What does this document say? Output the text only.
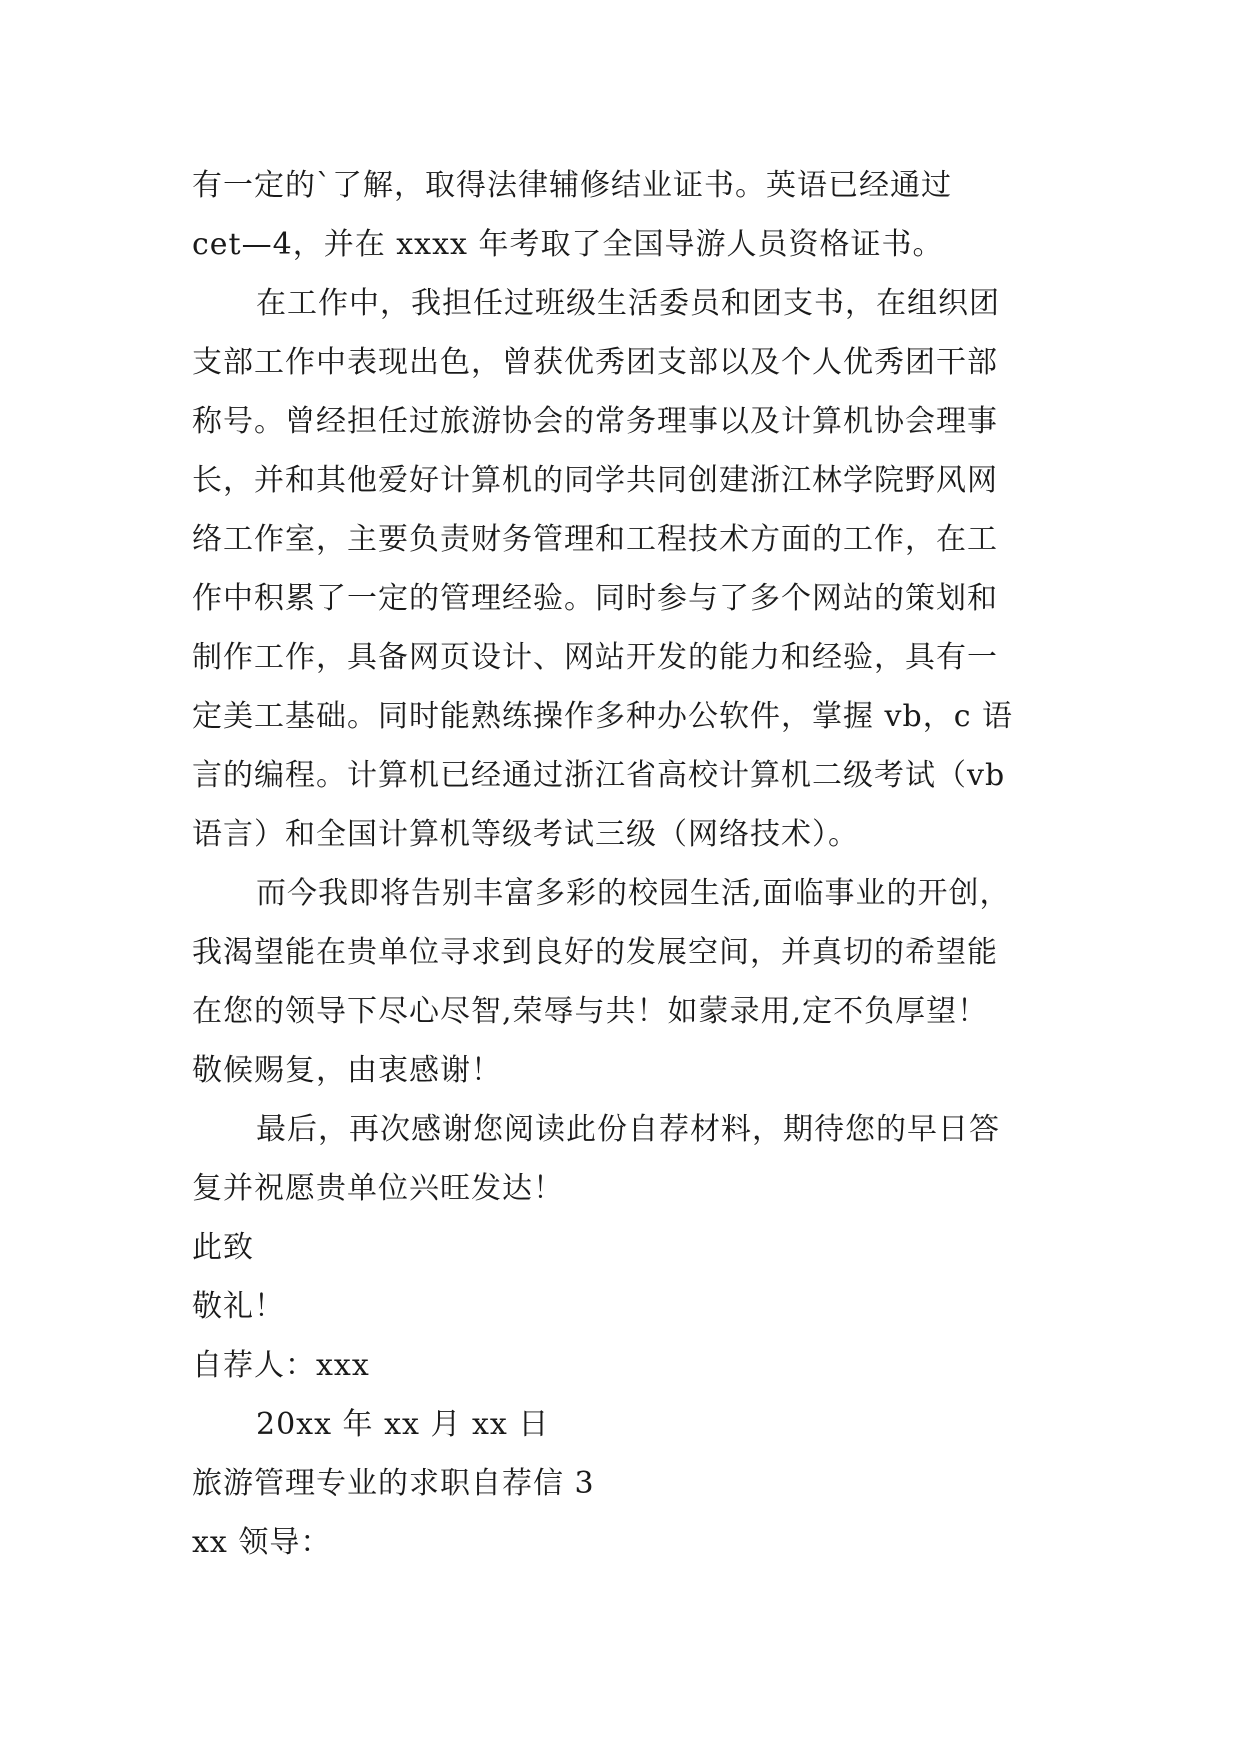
有一定的`了解，取得法律辅修结业证书。英语已经通过
cet—4，并在 xxxx 年考取了全国导游人员资格证书。
在工作中，我担任过班级生活委员和团支书，在组织团
支部工作中表现出色，曾获优秀团支部以及个人优秀团干部
称号。曾经担任过旅游协会的常务理事以及计算机协会理事
长，并和其他爱好计算机的同学共同创建浙江林学院野风网
络工作室，主要负责财务管理和工程技术方面的工作，在工
作中积累了一定的管理经验。同时参与了多个网站的策划和
制作工作，具备网页设计、网站开发的能力和经验，具有一
定美工基础。同时能熟练操作多种办公软件，掌握 vb，c 语
言的编程。计算机已经通过浙江省高校计算机二级考试（vb
语言）和全国计算机等级考试三级（网络技术）。
而今我即将告别丰富多彩的校园生活,面临事业的开创，
我渴望能在贵单位寻求到良好的发展空间，并真切的希望能
在您的领导下尽心尽智,荣辱与共！如蒙录用,定不负厚望！
敬候赐复，由衷感谢！
最后，再次感谢您阅读此份自荐材料，期待您的早日答
复并祝愿贵单位兴旺发达！
此致
敬礼！
自荐人：xxx
20xx 年 xx 月 xx 日
旅游管理专业的求职自荐信 3
xx 领导：
